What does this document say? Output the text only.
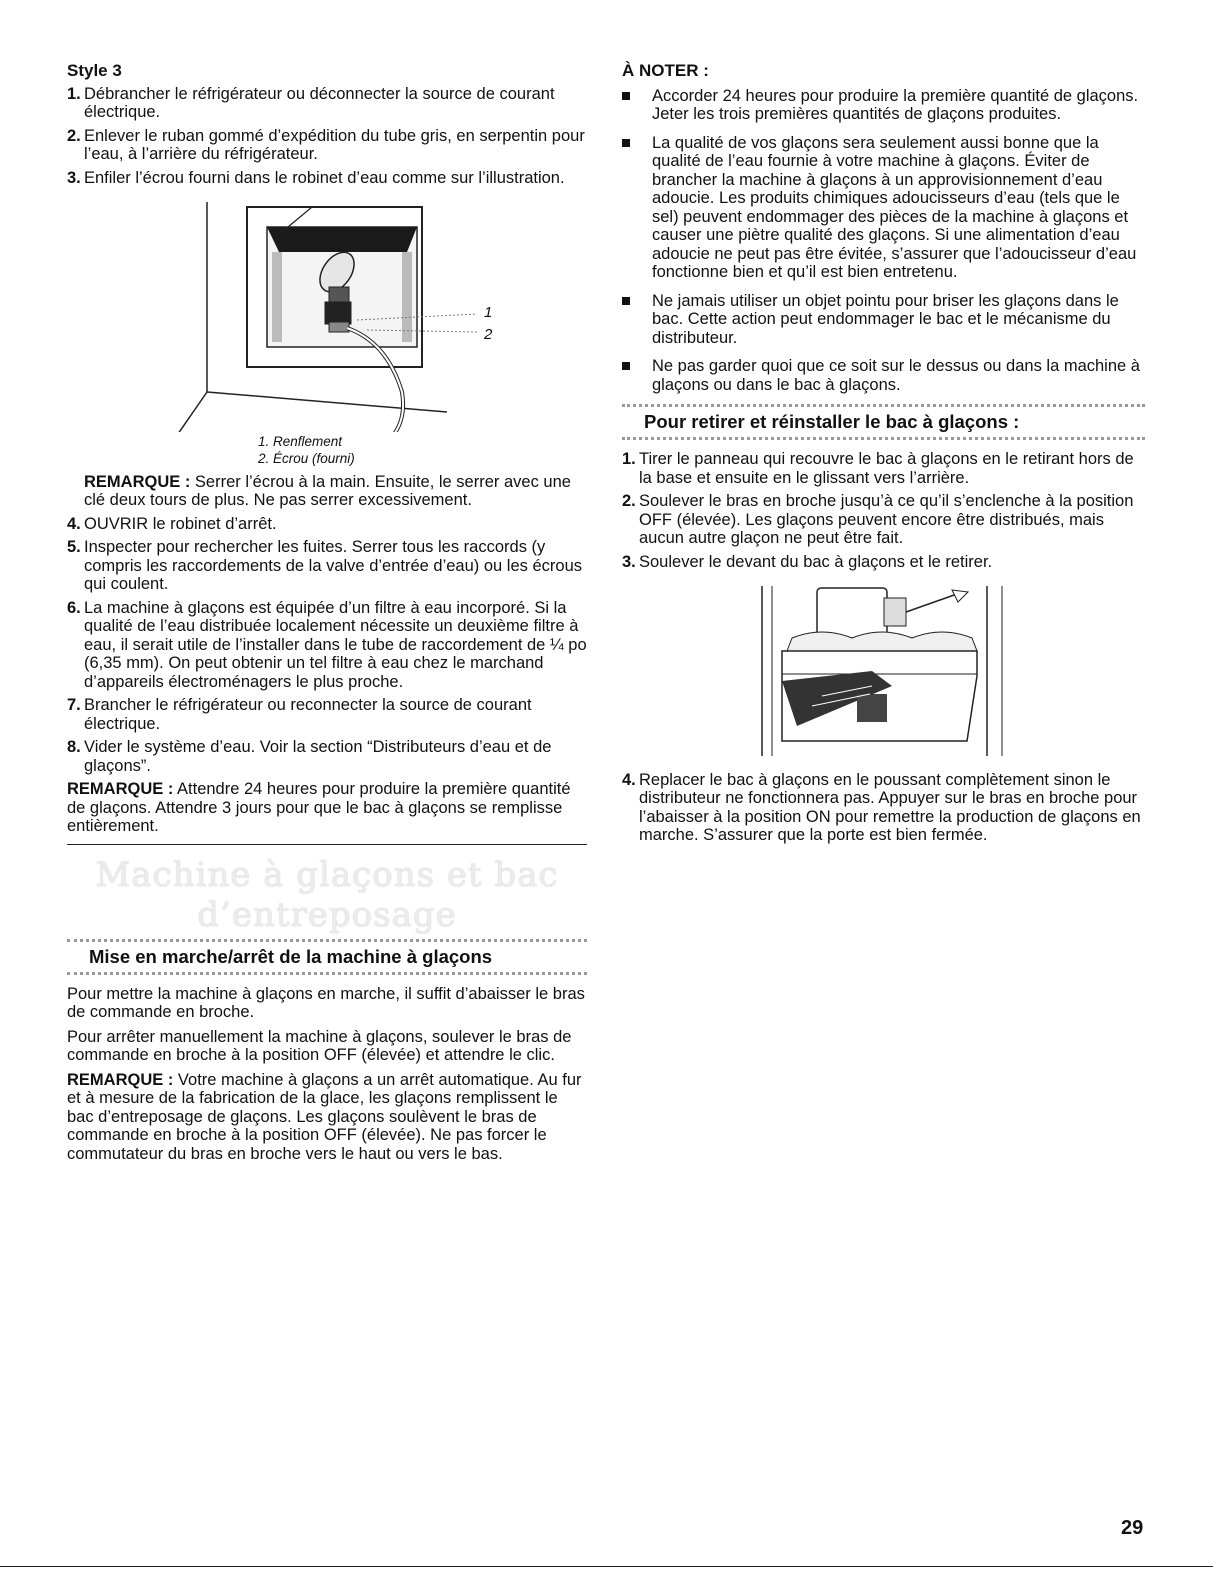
Style 3
1. Débrancher le réfrigérateur ou déconnecter la source de courant électrique.
2. Enlever le ruban gommé d’expédition du tube gris, en serpentin pour l’eau, à l’arrière du réfrigérateur.
3. Enfiler l’écrou fourni dans le robinet d’eau comme sur l’illustration.
1
2
1. Renflement
2. Écrou (fourni)
REMARQUE : Serrer l’écrou à la main. Ensuite, le serrer avec une clé deux tours de plus. Ne pas serrer excessivement.
4. OUVRIR le robinet d’arrêt.
5. Inspecter pour rechercher les fuites. Serrer tous les raccords (y compris les raccordements de la valve d’entrée d’eau) ou les écrous qui coulent.
6. La machine à glaçons est équipée d’un filtre à eau incorporé. Si la qualité de l’eau distribuée localement nécessite un deuxième filtre à eau, il serait utile de l’installer dans le tube de raccordement de ¼ po (6,35 mm). On peut obtenir un tel filtre à eau chez le marchand d’appareils électroménagers le plus proche.
7. Brancher le réfrigérateur ou reconnecter la source de courant électrique.
8. Vider le système d’eau. Voir la section “Distributeurs d’eau et de glaçons”.

REMARQUE : Attendre 24 heures pour produire la première quantité de glaçons. Attendre 3 jours pour que le bac à glaçons se remplisse entièrement.

Machine à glaçons et bac d’entreposage
Mise en marche/arrêt de la machine à glaçons

Pour mettre la machine à glaçons en marche, il suffit d’abaisser le bras de commande en broche.

Pour arrêter manuellement la machine à glaçons, soulever le bras de commande en broche à la position OFF (élevée) et attendre le clic.

REMARQUE : Votre machine à glaçons a un arrêt automatique. Au fur et à mesure de la fabrication de la glace, les glaçons remplissent le bac d’entreposage de glaçons. Les glaçons soulèvent le bras de commande en broche à la position OFF (élevée). Ne pas forcer le commutateur du bras en broche vers le haut ou vers le bas.

À NOTER :
Accorder 24 heures pour produire la première quantité de glaçons. Jeter les trois premières quantités de glaçons produites.
La qualité de vos glaçons sera seulement aussi bonne que la qualité de l’eau fournie à votre machine à glaçons. Éviter de brancher la machine à glaçons à un approvisionnement d’eau adoucie. Les produits chimiques adoucisseurs d’eau (tels que le sel) peuvent endommager des pièces de la machine à glaçons et causer une piètre qualité des glaçons. Si une alimentation d’eau adoucie ne peut pas être évitée, s’assurer que l’adoucisseur d’eau fonctionne bien et qu’il est bien entretenu.
Ne jamais utiliser un objet pointu pour briser les glaçons dans le bac. Cette action peut endommager le bac et le mécanisme du distributeur.
Ne pas garder quoi que ce soit sur le dessus ou dans la machine à glaçons ou dans le bac à glaçons.
Pour retirer et réinstaller le bac à glaçons :
1. Tirer le panneau qui recouvre le bac à glaçons en le retirant hors de la base et ensuite en le glissant vers l’arrière.
2. Soulever le bras en broche jusqu’à ce qu’il s’enclenche à la position OFF (élevée). Les glaçons peuvent encore être distribués, mais aucun autre glaçon ne peut être fait.
3. Soulever le devant du bac à glaçons et le retirer.
4. Replacer le bac à glaçons en le poussant complètement sinon le distributeur ne fonctionnera pas. Appuyer sur le bras en broche pour l’abaisser à la position ON pour remettre la production de glaçons en marche. S’assurer que la porte est bien fermée.
29
